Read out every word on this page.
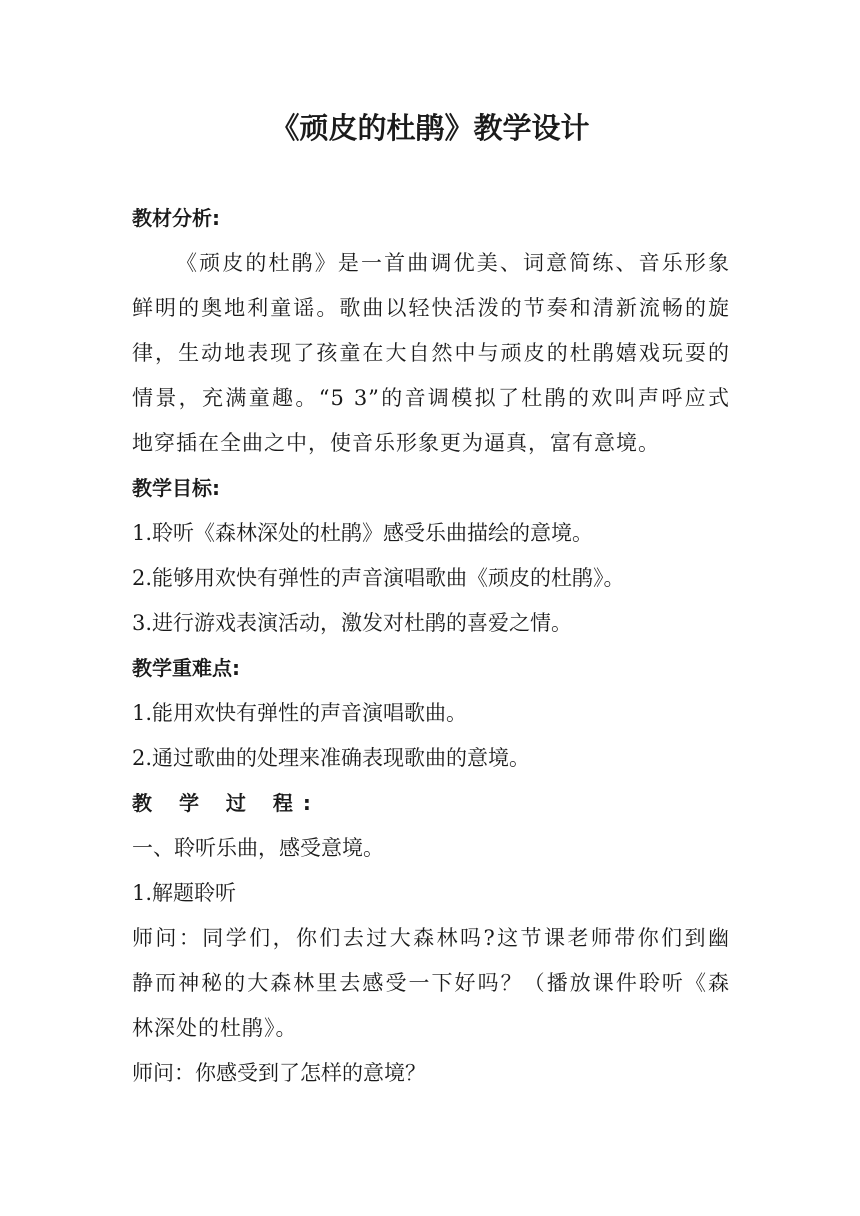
《顽皮的杜鹃》教学设计

教材分析:

《顽皮的杜鹃》是一首曲调优美、词意简练、音乐形象

鲜明的奥地利童谣。歌曲以轻快活泼的节奏和清新流畅的旋

律，生动地表现了孩童在大自然中与顽皮的杜鹃嬉戏玩耍的

情景，充满童趣。“5 3”的音调模拟了杜鹃的欢叫声呼应式

地穿插在全曲之中，使音乐形象更为逼真，富有意境。

教学目标:

1.聆听《森林深处的杜鹃》感受乐曲描绘的意境。

2.能够用欢快有弹性的声音演唱歌曲《顽皮的杜鹃》。

3.进行游戏表演活动，激发对杜鹃的喜爱之情。

教学重难点:

1.能用欢快有弹性的声音演唱歌曲。

2.通过歌曲的处理来准确表现歌曲的意境。

教 学 过 程:

一、聆听乐曲，感受意境。

1.解题聆听

师问：同学们，你们去过大森林吗?这节课老师带你们到幽

静而神秘的大森林里去感受一下好吗？（播放课件聆听《森

林深处的杜鹃》。

师问：你感受到了怎样的意境？
